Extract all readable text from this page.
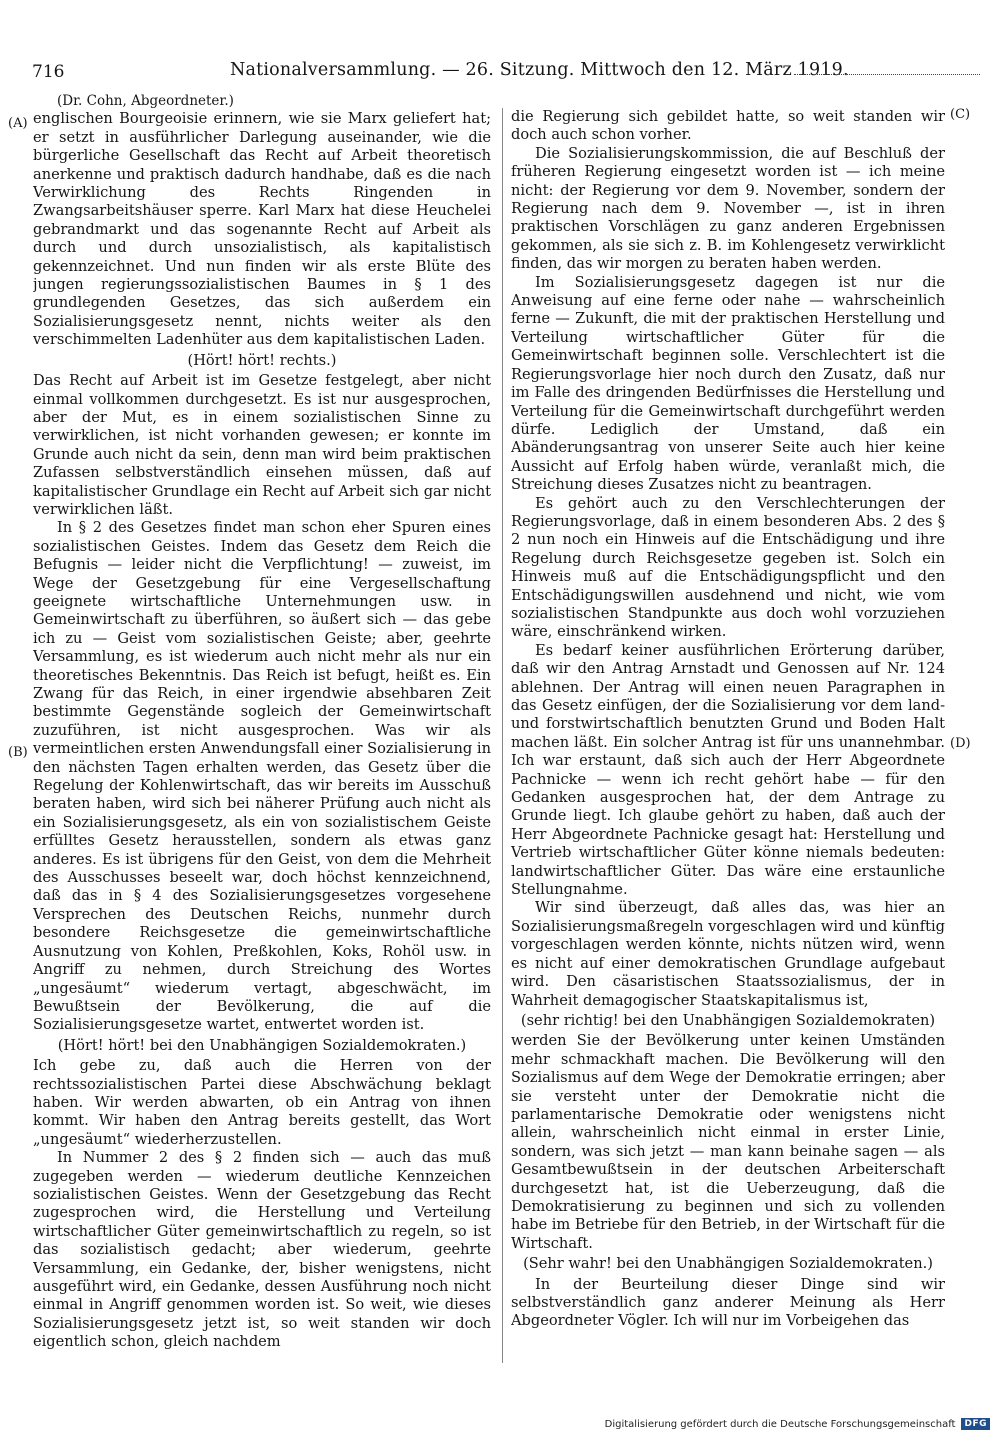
716	Nationalversammlung. — 26. Sitzung. Mittwoch den 12. März 1919.
(A)
(B)
(C)
(D)

(Dr. Cohn, Abgeordneter.)

englischen Bourgeoisie erinnern, wie sie Marx geliefert hat; er setzt in ausführlicher Darlegung auseinander, wie die bürgerliche Gesellschaft das Recht auf Arbeit theoretisch anerkenne und praktisch dadurch handhabe, daß es die nach Verwirklichung des Rechts Ringenden in Zwangsarbeitshäuser sperre. Karl Marx hat diese Heuchelei gebrandmarkt und das sogenannte Recht auf Arbeit als durch und durch unsozialistisch, als kapitalistisch gekennzeichnet. Und nun finden wir als erste Blüte des jungen regierungssozialistischen Baumes in § 1 des grundlegenden Gesetzes, das sich außerdem ein Sozialisierungsgesetz nennt, nichts weiter als den verschimmelten Ladenhüter aus dem kapitalistischen Laden.

(Hört! hört! rechts.)

Das Recht auf Arbeit ist im Gesetze festgelegt, aber nicht einmal vollkommen durchgesetzt. Es ist nur ausgesprochen, aber der Mut, es in einem sozialistischen Sinne zu verwirklichen, ist nicht vorhanden gewesen; er konnte im Grunde auch nicht da sein, denn man wird beim praktischen Zufassen selbstverständlich einsehen müssen, daß auf kapitalistischer Grundlage ein Recht auf Arbeit sich gar nicht verwirklichen läßt.

In § 2 des Gesetzes findet man schon eher Spuren eines sozialistischen Geistes. Indem das Gesetz dem Reich die Befugnis — leider nicht die Verpflichtung! — zuweist, im Wege der Gesetzgebung für eine Vergesellschaftung geeignete wirtschaftliche Unternehmungen usw. in Gemeinwirtschaft zu überführen, so äußert sich — das gebe ich zu — Geist vom sozialistischen Geiste; aber, geehrte Versammlung, es ist wiederum auch nicht mehr als nur ein theoretisches Bekenntnis. Das Reich ist befugt, heißt es. Ein Zwang für das Reich, in einer irgendwie absehbaren Zeit bestimmte Gegenstände sogleich der Gemeinwirtschaft zuzuführen, ist nicht ausgesprochen. Was wir als vermeintlichen ersten Anwendungsfall einer Sozialisierung in den nächsten Tagen erhalten werden, das Gesetz über die Regelung der Kohlenwirtschaft, das wir bereits im Ausschuß beraten haben, wird sich bei näherer Prüfung auch nicht als ein Sozialisierungsgesetz, als ein von sozialistischem Geiste erfülltes Gesetz herausstellen, sondern als etwas ganz anderes. Es ist übrigens für den Geist, von dem die Mehrheit des Ausschusses beseelt war, doch höchst kennzeichnend, daß das in § 4 des Sozialisierungsgesetzes vorgesehene Versprechen des Deutschen Reichs, nunmehr durch besondere Reichsgesetze die gemeinwirtschaftliche Ausnutzung von Kohlen, Preßkohlen, Koks, Rohöl usw. in Angriff zu nehmen, durch Streichung des Wortes „ungesäumt“ wiederum vertagt, abgeschwächt, im Bewußtsein der Bevölkerung, die auf die Sozialisierungsgesetze wartet, entwertet worden ist.

(Hört! hört! bei den Unabhängigen Sozialdemokraten.)

Ich gebe zu, daß auch die Herren von der rechtssozialistischen Partei diese Abschwächung beklagt haben. Wir werden abwarten, ob ein Antrag von ihnen kommt. Wir haben den Antrag bereits gestellt, das Wort „ungesäumt“ wiederherzustellen.

In Nummer 2 des § 2 finden sich — auch das muß zugegeben werden — wiederum deutliche Kennzeichen sozialistischen Geistes. Wenn der Gesetzgebung das Recht zugesprochen wird, die Herstellung und Verteilung wirtschaftlicher Güter gemeinwirtschaftlich zu regeln, so ist das sozialistisch gedacht; aber wiederum, geehrte Versammlung, ein Gedanke, der, bisher wenigstens, nicht ausgeführt wird, ein Gedanke, dessen Ausführung noch nicht einmal in Angriff genommen worden ist. So weit, wie dieses Sozialisierungsgesetz jetzt ist, so weit standen wir doch eigentlich schon, gleich nachdem

die Regierung sich gebildet hatte, so weit standen wir doch auch schon vorher.

Die Sozialisierungskommission, die auf Beschluß der früheren Regierung eingesetzt worden ist — ich meine nicht: der Regierung vor dem 9. November, sondern der Regierung nach dem 9. November —, ist in ihren praktischen Vorschlägen zu ganz anderen Ergebnissen gekommen, als sie sich z. B. im Kohlengesetz verwirklicht finden, das wir morgen zu beraten haben werden.

Im Sozialisierungsgesetz dagegen ist nur die Anweisung auf eine ferne oder nahe — wahrscheinlich ferne — Zukunft, die mit der praktischen Herstellung und Verteilung wirtschaftlicher Güter für die Gemeinwirtschaft beginnen solle. Verschlechtert ist die Regierungsvorlage hier noch durch den Zusatz, daß nur im Falle des dringenden Bedürfnisses die Herstellung und Verteilung für die Gemeinwirtschaft durchgeführt werden dürfe. Lediglich der Umstand, daß ein Abänderungsantrag von unserer Seite auch hier keine Aussicht auf Erfolg haben würde, veranlaßt mich, die Streichung dieses Zusatzes nicht zu beantragen.

Es gehört auch zu den Verschlechterungen der Regierungsvorlage, daß in einem besonderen Abs. 2 des § 2 nun noch ein Hinweis auf die Entschädigung und ihre Regelung durch Reichsgesetze gegeben ist. Solch ein Hinweis muß auf die Entschädigungspflicht und den Entschädigungswillen ausdehnend und nicht, wie vom sozialistischen Standpunkte aus doch wohl vorzuziehen wäre, einschränkend wirken.

Es bedarf keiner ausführlichen Erörterung darüber, daß wir den Antrag Arnstadt und Genossen auf Nr. 124 ablehnen. Der Antrag will einen neuen Paragraphen in das Gesetz einfügen, der die Sozialisierung vor dem land- und forstwirtschaftlich benutzten Grund und Boden Halt machen läßt. Ein solcher Antrag ist für uns unannehmbar. Ich war erstaunt, daß sich auch der Herr Abgeordnete Pachnicke — wenn ich recht gehört habe — für den Gedanken ausgesprochen hat, der dem Antrage zu Grunde liegt. Ich glaube gehört zu haben, daß auch der Herr Abgeordnete Pachnicke gesagt hat: Herstellung und Vertrieb wirtschaftlicher Güter könne niemals bedeuten: landwirtschaftlicher Güter. Das wäre eine erstaunliche Stellungnahme.

Wir sind überzeugt, daß alles das, was hier an Sozialisierungsmaßregeln vorgeschlagen wird und künftig vorgeschlagen werden könnte, nichts nützen wird, wenn es nicht auf einer demokratischen Grundlage aufgebaut wird. Den cäsaristischen Staatssozialismus, der in Wahrheit demagogischer Staatskapitalismus ist,

(sehr richtig! bei den Unabhängigen Sozialdemokraten)

werden Sie der Bevölkerung unter keinen Umständen mehr schmackhaft machen. Die Bevölkerung will den Sozialismus auf dem Wege der Demokratie erringen; aber sie versteht unter der Demokratie nicht die parlamentarische Demokratie oder wenigstens nicht allein, wahrscheinlich nicht einmal in erster Linie, sondern, was sich jetzt — man kann beinahe sagen — als Gesamtbewußtsein in der deutschen Arbeiterschaft durchgesetzt hat, ist die Ueberzeugung, daß die Demokratisierung zu beginnen und sich zu vollenden habe im Betriebe für den Betrieb, in der Wirtschaft für die Wirtschaft.

(Sehr wahr! bei den Unabhängigen Sozialdemokraten.)

In der Beurteilung dieser Dinge sind wir selbstverständlich ganz anderer Meinung als Herr Abgeordneter Vögler. Ich will nur im Vorbeigehen das

Digitalisierung gefördert durch die Deutsche Forschungsgemeinschaft	DFG
